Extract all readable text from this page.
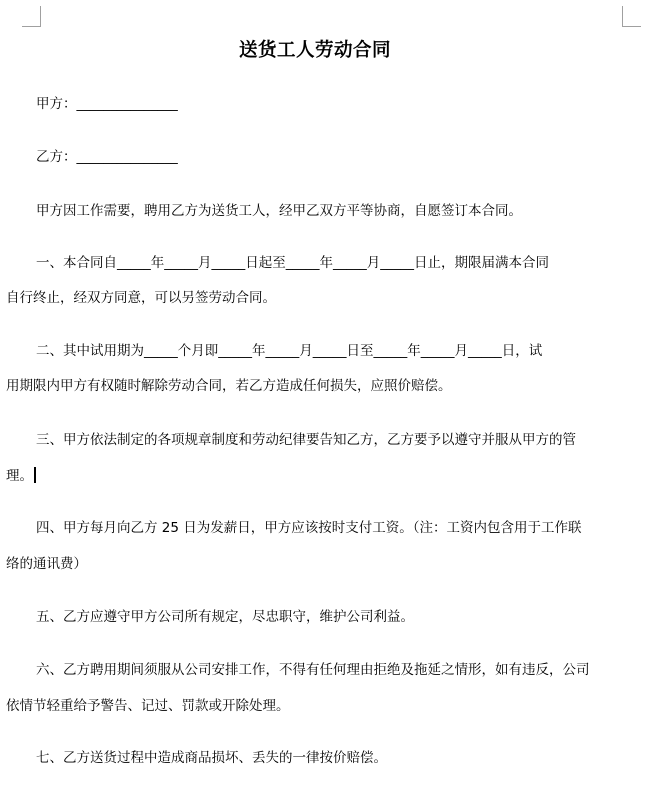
送货工人劳动合同
甲方：_______________
乙方：_______________
甲方因工作需要，聘用乙方为送货工人，经甲乙双方平等协商，自愿签订本合同。
一、本合同自_____年_____月_____日起至_____年_____月_____日止，期限届满本合同
自行终止，经双方同意，可以另签劳动合同。
二、其中试用期为_____个月即_____年_____月_____日至_____年_____月_____日，试
用期限内甲方有权随时解除劳动合同，若乙方造成任何损失，应照价赔偿。
三、甲方依法制定的各项规章制度和劳动纪律要告知乙方，乙方要予以遵守并服从甲方的管
理。
四、甲方每月向乙方 25 日为发薪日，甲方应该按时支付工资。（注：工资内包含用于工作联
络的通讯费）
五、乙方应遵守甲方公司所有规定，尽忠职守，维护公司利益。
六、乙方聘用期间须服从公司安排工作，不得有任何理由拒绝及拖延之情形，如有违反，公司
依情节轻重给予警告、记过、罚款或开除处理。
七、乙方送货过程中造成商品损坏、丢失的一律按价赔偿。
